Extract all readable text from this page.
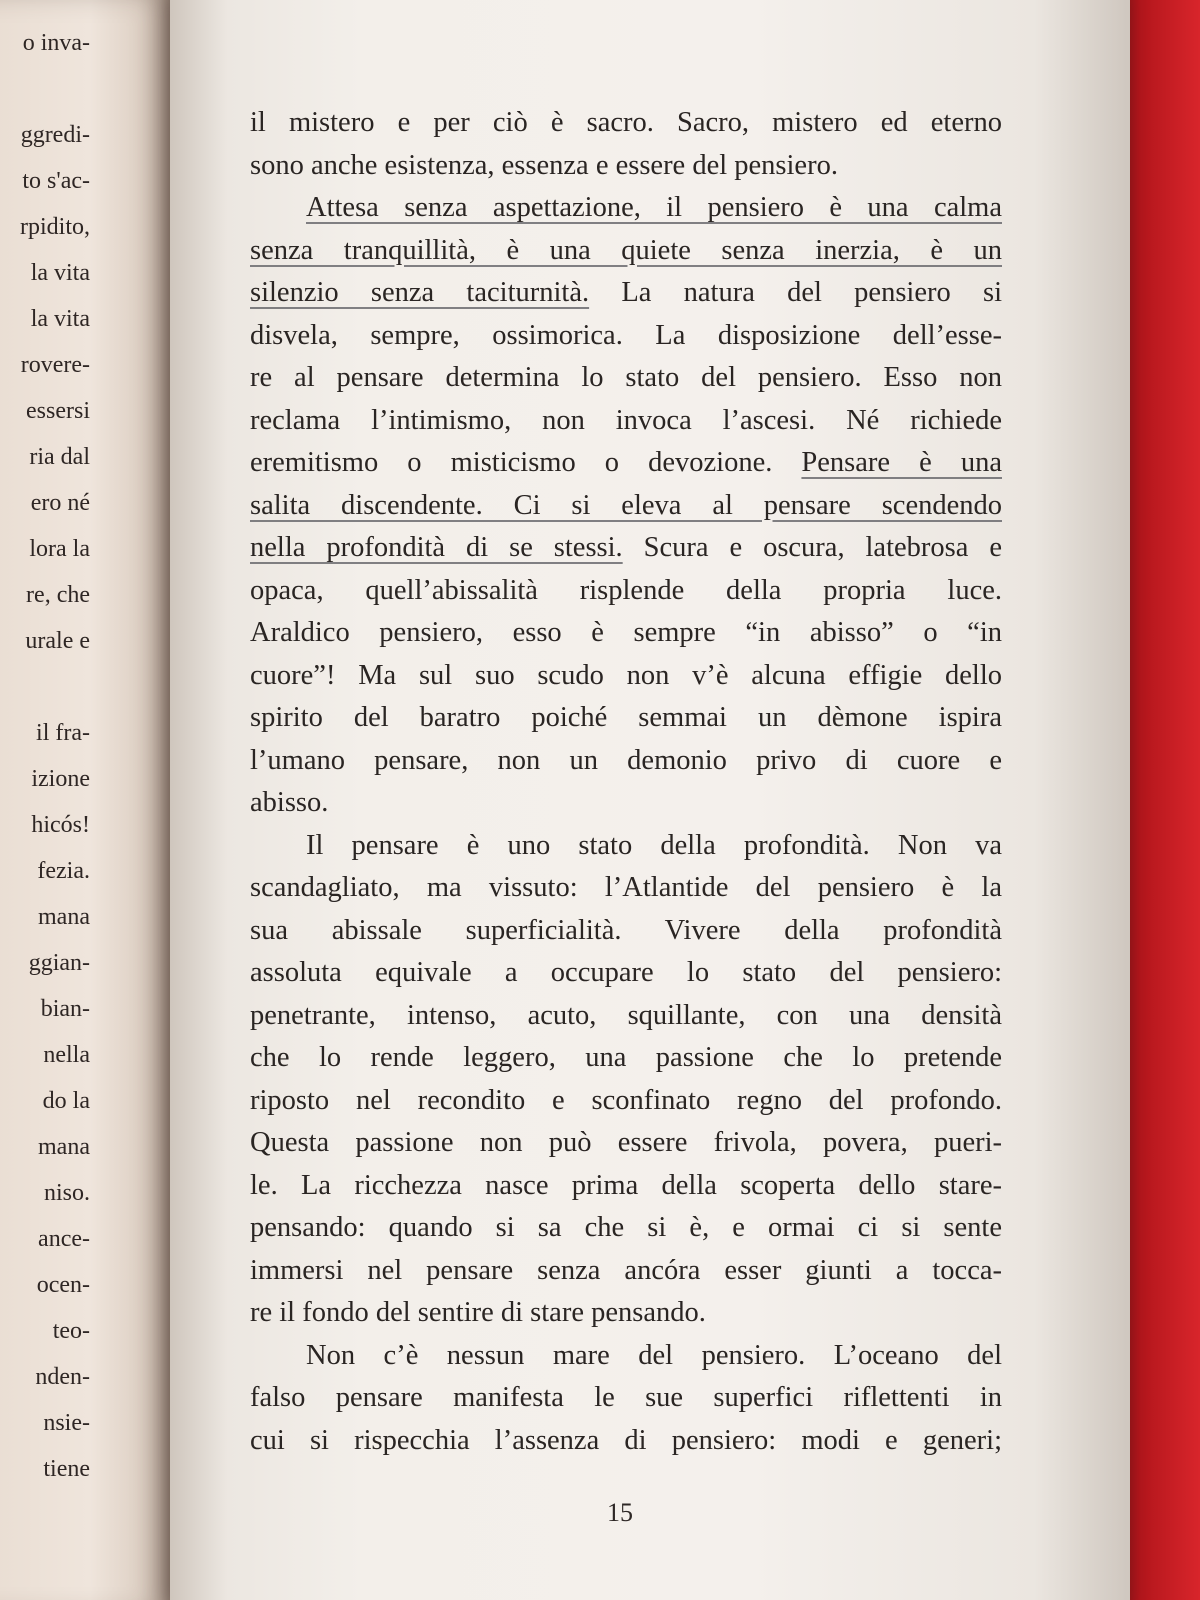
o inva-
ggredi-
to s'ac-
rpidito,
la vita
la vita
rovere-
essersi
ria dal
ero né
lora la
re, che
urale e
il fra-
izione
hicós!
fezia.
mana
ggian-
bian-
nella
do la
mana
niso.
ance-
ocen-
teo-
nden-
nsie-
tiene
il mistero e per ciò è sacro. Sacro, mistero ed eterno
sono anche esistenza, essenza e essere del pensiero.
Attesa senza aspettazione, il pensiero è una calma
senza tranquillità, è una quiete senza inerzia, è un
silenzio senza taciturnità. La natura del pensiero si
disvela, sempre, ossimorica. La disposizione dell’esse-
re al pensare determina lo stato del pensiero. Esso non
reclama l’intimismo, non invoca l’ascesi. Né richiede
eremitismo o misticismo o devozione. Pensare è una
salita discendente. Ci si eleva al pensare scendendo
nella profondità di se stessi. Scura e oscura, latebrosa e
opaca, quell’abissalità risplende della propria luce.
Araldico pensiero, esso è sempre “in abisso” o “in
cuore”! Ma sul suo scudo non v’è alcuna effigie dello
spirito del baratro poiché semmai un dèmone ispira
l’umano pensare, non un demonio privo di cuore e
abisso.
Il pensare è uno stato della profondità. Non va
scandagliato, ma vissuto: l’Atlantide del pensiero è la
sua abissale superficialità. Vivere della profondità
assoluta equivale a occupare lo stato del pensiero:
penetrante, intenso, acuto, squillante, con una densità
che lo rende leggero, una passione che lo pretende
riposto nel recondito e sconfinato regno del profondo.
Questa passione non può essere frivola, povera, pueri-
le. La ricchezza nasce prima della scoperta dello stare-
pensando: quando si sa che si è, e ormai ci si sente
immersi nel pensare senza ancóra esser giunti a tocca-
re il fondo del sentire di stare pensando.
Non c’è nessun mare del pensiero. L’oceano del
falso pensare manifesta le sue superfici riflettenti in
cui si rispecchia l’assenza di pensiero: modi e generi;
15
